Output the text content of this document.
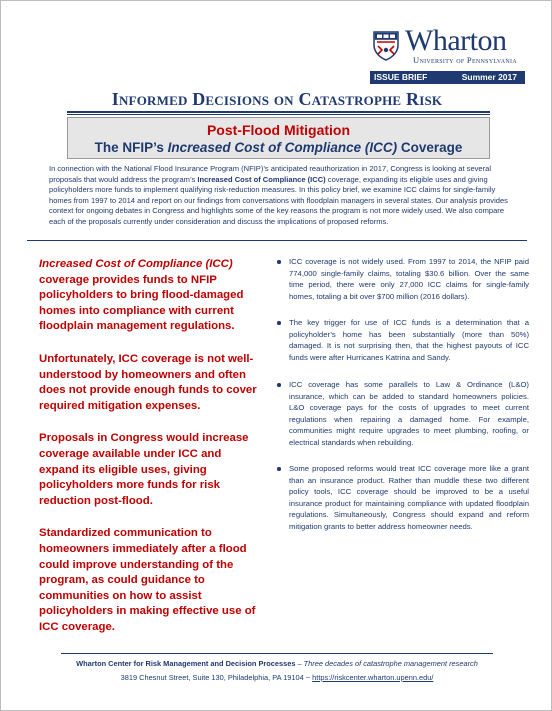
Wharton
University of Pennsylvania
ISSUE BRIEF	Summer 2017
Informed Decisions on Catastrophe Risk
Post-Flood Mitigation
The NFIP’s Increased Cost of Compliance (ICC) Coverage
In connection with the National Flood Insurance Program (NFIP)’s anticipated reauthorization in 2017, Congress is looking at several proposals that would address the program’s Increased Cost of Compliance (ICC) coverage, expanding its eligible uses and giving policyholders more funds to implement qualifying risk-reduction measures. In this policy brief, we examine ICC claims for single-family homes from 1997 to 2014 and report on our findings from conversations with floodplain managers in several states. Our analysis provides context for ongoing debates in Congress and highlights some of the key reasons the program is not more widely used. We also compare each of the proposals currently under consideration and discuss the implications of proposed reforms.
Increased Cost of Compliance (ICC) coverage provides funds to NFIP policyholders to bring flood-damaged homes into compliance with current floodplain management regulations.
Unfortunately, ICC coverage is not well-understood by homeowners and often does not provide enough funds to cover required mitigation expenses.
Proposals in Congress would increase coverage available under ICC and expand its eligible uses, giving policyholders more funds for risk reduction post-flood.
Standardized communication to homeowners immediately after a flood could improve understanding of the program, as could guidance to communities on how to assist policyholders in making effective use of ICC coverage.
ICC coverage is not widely used. From 1997 to 2014, the NFIP paid 774,000 single-family claims, totaling $30.6 billion. Over the same time period, there were only 27,000 ICC claims for single-family homes, totaling a bit over $700 million (2016 dollars).
The key trigger for use of ICC funds is a determination that a policyholder’s home has been substantially (more than 50%) damaged. It is not surprising then, that the highest payouts of ICC funds were after Hurricanes Katrina and Sandy.
ICC coverage has some parallels to Law & Ordinance (L&O) insurance, which can be added to standard homeowners policies. L&O coverage pays for the costs of upgrades to meet current regulations when repairing a damaged home. For example, communities might require upgrades to meet plumbing, roofing, or electrical standards when rebuilding.
Some proposed reforms would treat ICC coverage more like a grant than an insurance product. Rather than muddle these two different policy tools, ICC coverage should be improved to be a useful insurance product for maintaining compliance with updated floodplain regulations. Simultaneously, Congress should expand and reform mitigation grants to better address homeowner needs.
Wharton Center for Risk Management and Decision Processes – Three decades of catastrophe management research
3819 Chesnut Street, Suite 130, Philadelphia, PA 19104 ~ https://riskcenter.wharton.upenn.edu/
